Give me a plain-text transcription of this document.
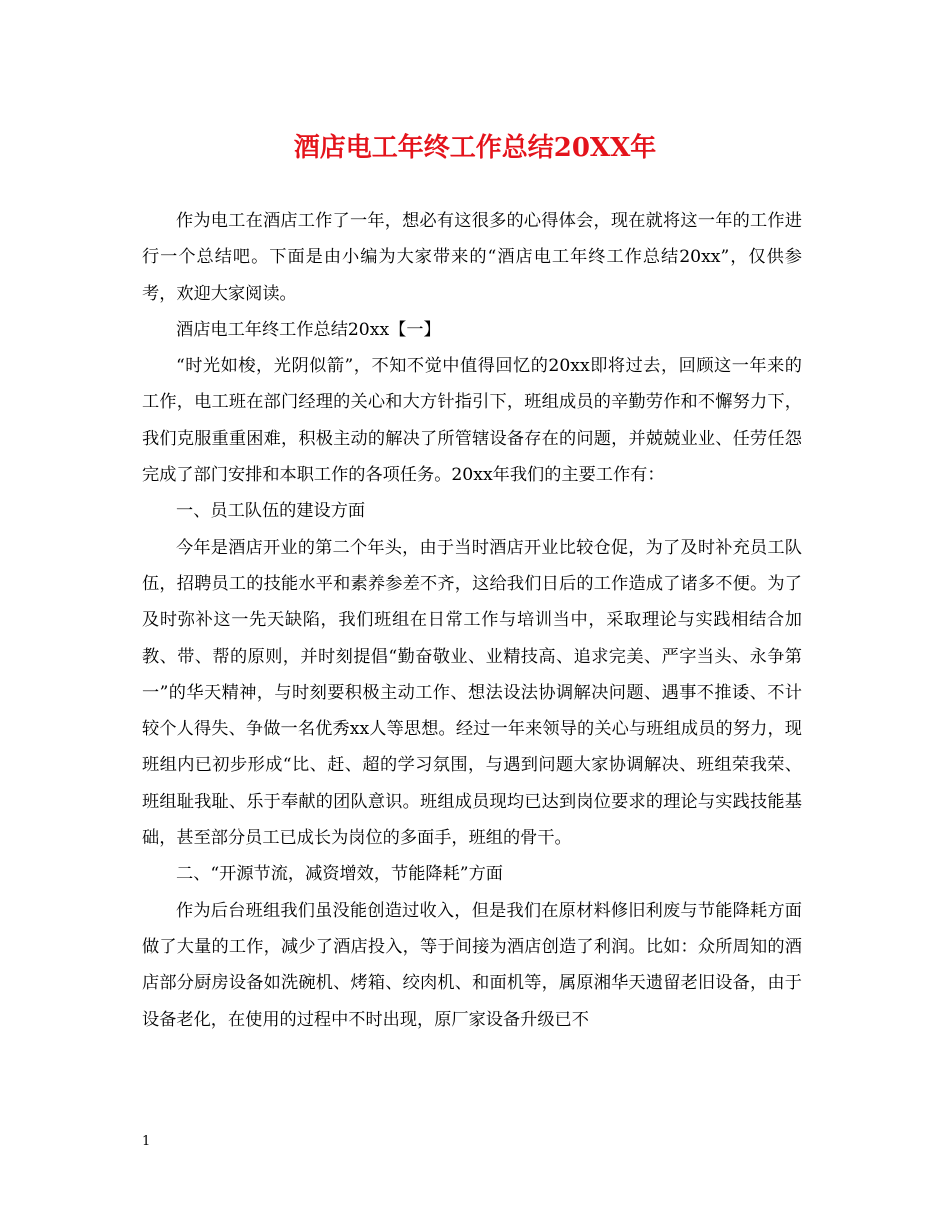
酒店电工年终工作总结20XX年

作为电工在酒店工作了一年，想必有这很多的心得体会，现在就将这一年的工作进行一个总结吧。下面是由小编为大家带来的“酒店电工年终工作总结20xx”，仅供参考，欢迎大家阅读。

酒店电工年终工作总结20xx【一】

“时光如梭，光阴似箭”，不知不觉中值得回忆的20xx即将过去，回顾这一年来的工作，电工班在部门经理的关心和大方针指引下，班组成员的辛勤劳作和不懈努力下，我们克服重重困难，积极主动的解决了所管辖设备存在的问题，并兢兢业业、任劳任怨完成了部门安排和本职工作的各项任务。20xx年我们的主要工作有：

一、员工队伍的建设方面

今年是酒店开业的第二个年头，由于当时酒店开业比较仓促，为了及时补充员工队伍，招聘员工的技能水平和素养参差不齐，这给我们日后的工作造成了诸多不便。为了及时弥补这一先天缺陷，我们班组在日常工作与培训当中，采取理论与实践相结合加教、带、帮的原则，并时刻提倡“勤奋敬业、业精技高、追求完美、严字当头、永争第一”的华天精神，与时刻要积极主动工作、想法设法协调解决问题、遇事不推诿、不计较个人得失、争做一名优秀xx人等思想。经过一年来领导的关心与班组成员的努力，现班组内已初步形成“比、赶、超的学习氛围，与遇到问题大家协调解决、班组荣我荣、班组耻我耻、乐于奉献的团队意识。班组成员现均已达到岗位要求的理论与实践技能基础，甚至部分员工已成长为岗位的多面手，班组的骨干。

二、“开源节流，减资增效，节能降耗”方面

作为后台班组我们虽没能创造过收入，但是我们在原材料修旧利废与节能降耗方面做了大量的工作，减少了酒店投入，等于间接为酒店创造了利润。比如：众所周知的酒店部分厨房设备如洗碗机、烤箱、绞肉机、和面机等，属原湘华天遗留老旧设备，由于设备老化，在使用的过程中不时出现，原厂家设备升级已不

1
